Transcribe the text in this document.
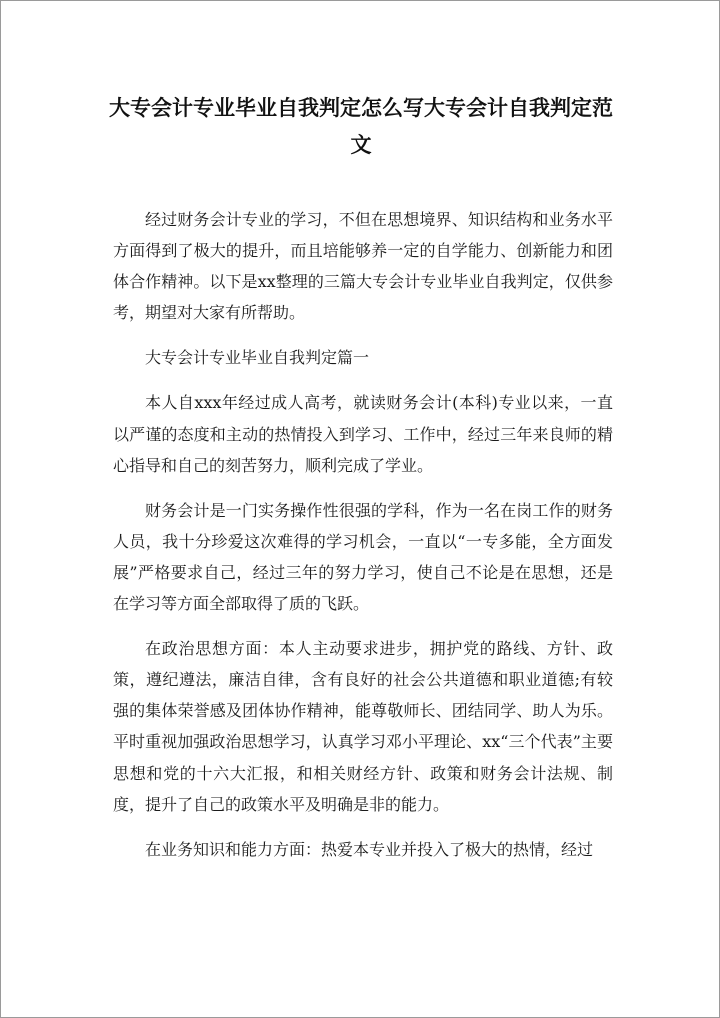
大专会计专业毕业自我判定怎么写大专会计自我判定范文

经过财务会计专业的学习，不但在思想境界、知识结构和业务水平方面得到了极大的提升，而且培能够养一定的自学能力、创新能力和团体合作精神。以下是xx整理的三篇大专会计专业毕业自我判定，仅供参考，期望对大家有所帮助。

大专会计专业毕业自我判定篇一

本人自xxx年经过成人高考，就读财务会计(本科)专业以来，一直以严谨的态度和主动的热情投入到学习、工作中，经过三年来良师的精心指导和自己的刻苦努力，顺利完成了学业。

财务会计是一门实务操作性很强的学科，作为一名在岗工作的财务人员，我十分珍爱这次难得的学习机会，一直以“一专多能，全方面发展”严格要求自己，经过三年的努力学习，使自己不论是在思想，还是在学习等方面全部取得了质的飞跃。

在政治思想方面：本人主动要求进步，拥护党的路线、方针、政策，遵纪遵法，廉洁自律，含有良好的社会公共道德和职业道德;有较强的集体荣誉感及团体协作精神，能尊敬师长、团结同学、助人为乐。平时重视加强政治思想学习，认真学习邓小平理论、xx“三个代表”主要思想和党的十六大汇报，和相关财经方针、政策和财务会计法规、制度，提升了自己的政策水平及明确是非的能力。

在业务知识和能力方面：热爱本专业并投入了极大的热情，经过
